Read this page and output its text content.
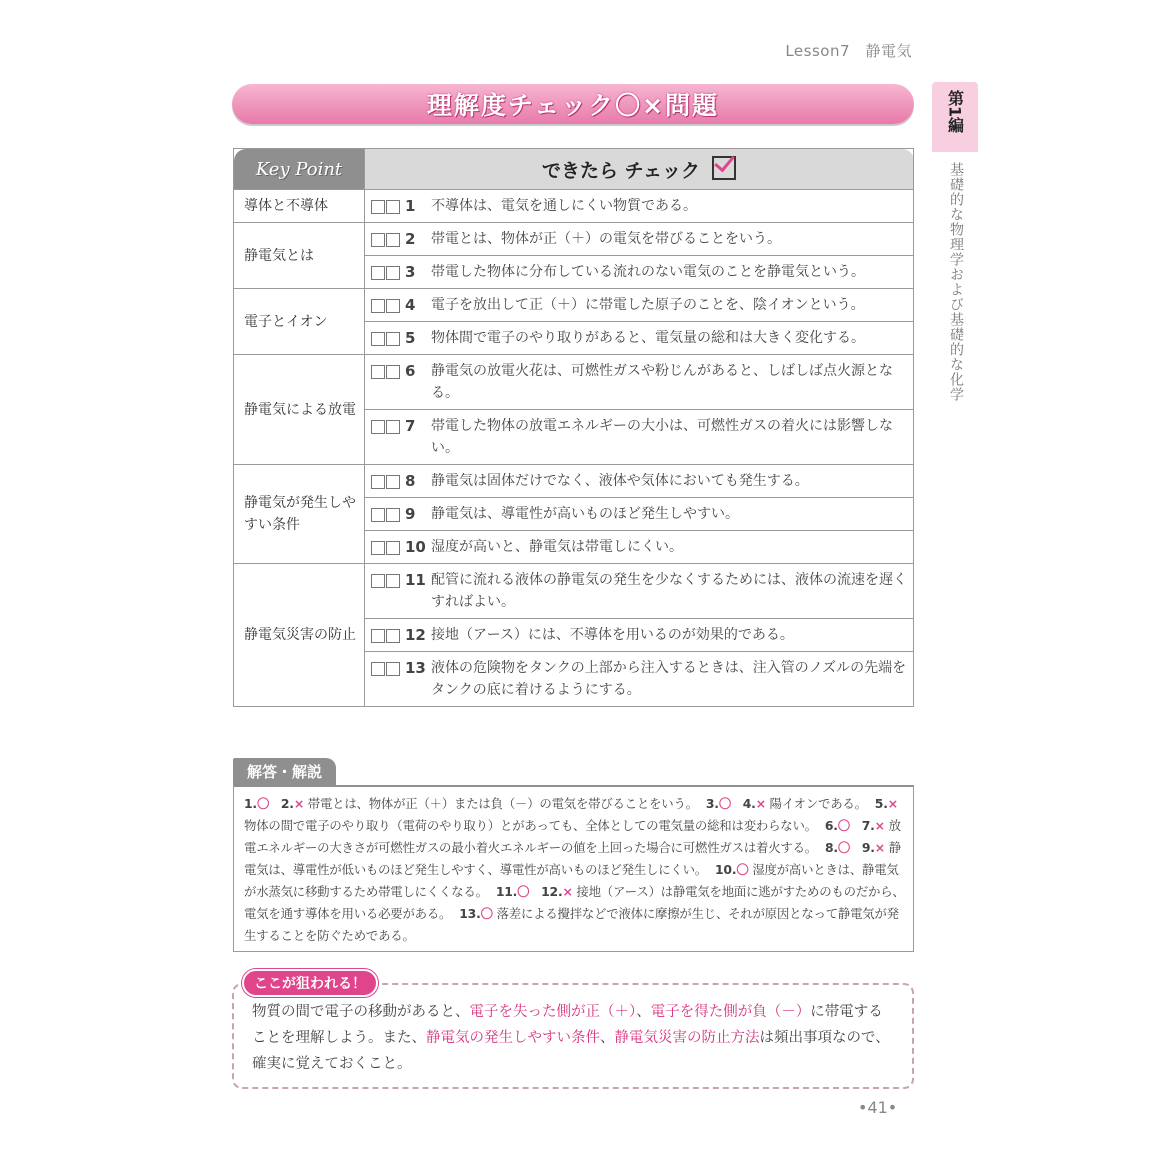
Lesson7　静電気
第1編
基礎的な物理学および基礎的な化学
理解度チェック〇×問題
Key Point	できたら チェック
導体と不導体	1 不導体は、電気を通しにくい物質である。

静電気とは	2 帯電とは、物体が正（＋）の電気を帯びることをいう。

	3 帯電した物体に分布している流れのない電気のことを静電気という。

電子とイオン	4 電子を放出して正（＋）に帯電した原子のことを、陰イオンという。

	5 物体間で電子のやり取りがあると、電気量の総和は大きく変化する。

静電気による放電	6 静電気の放電火花は、可燃性ガスや粉じんがあると、しばしば点火源となる。

	7 帯電した物体の放電エネルギーの大小は、可燃性ガスの着火には影響しない。

静電気が発生しやすい条件	8 静電気は固体だけでなく、液体や気体においても発生する。

	9 静電気は、導電性が高いものほど発生しやすい。

	10 湿度が高いと、静電気は帯電しにくい。

静電気災害の防止	11 配管に流れる液体の静電気の発生を少なくするためには、液体の流速を遅くすればよい。

	12 接地（アース）には、不導体を用いるのが効果的である。

	13 液体の危険物をタンクの上部から注入するときは、注入管のノズルの先端をタンクの底に着けるようにする。
解答・解説
1.〇 2.× 帯電とは、物体が正（＋）または負（－）の電気を帯びることをいう。 3.〇 4.× 陽イオンである。 5.× 物体の間で電子のやり取り（電荷のやり取り）とがあっても、全体としての電気量の総和は変わらない。 6.〇 7.× 放電エネルギーの大きさが可燃性ガスの最小着火エネルギーの値を上回った場合に可燃性ガスは着火する。 8.〇 9.× 静電気は、導電性が低いものほど発生しやすく、導電性が高いものほど発生しにくい。 10.〇 湿度が高いときは、静電気が水蒸気に移動するため帯電しにくくなる。 11.〇 12.× 接地（アース）は静電気を地面に逃がすためのものだから、電気を通す導体を用いる必要がある。 13.〇 落差による攪拌などで液体に摩擦が生じ、それが原因となって静電気が発生することを防ぐためである。
ここが狙われる！
物質の間で電子の移動があると、電子を失った側が正（＋）、電子を得た側が負（－）に帯電することを理解しよう。また、静電気の発生しやすい条件、静電気災害の防止方法は頻出事項なので、確実に覚えておくこと。
•41•
